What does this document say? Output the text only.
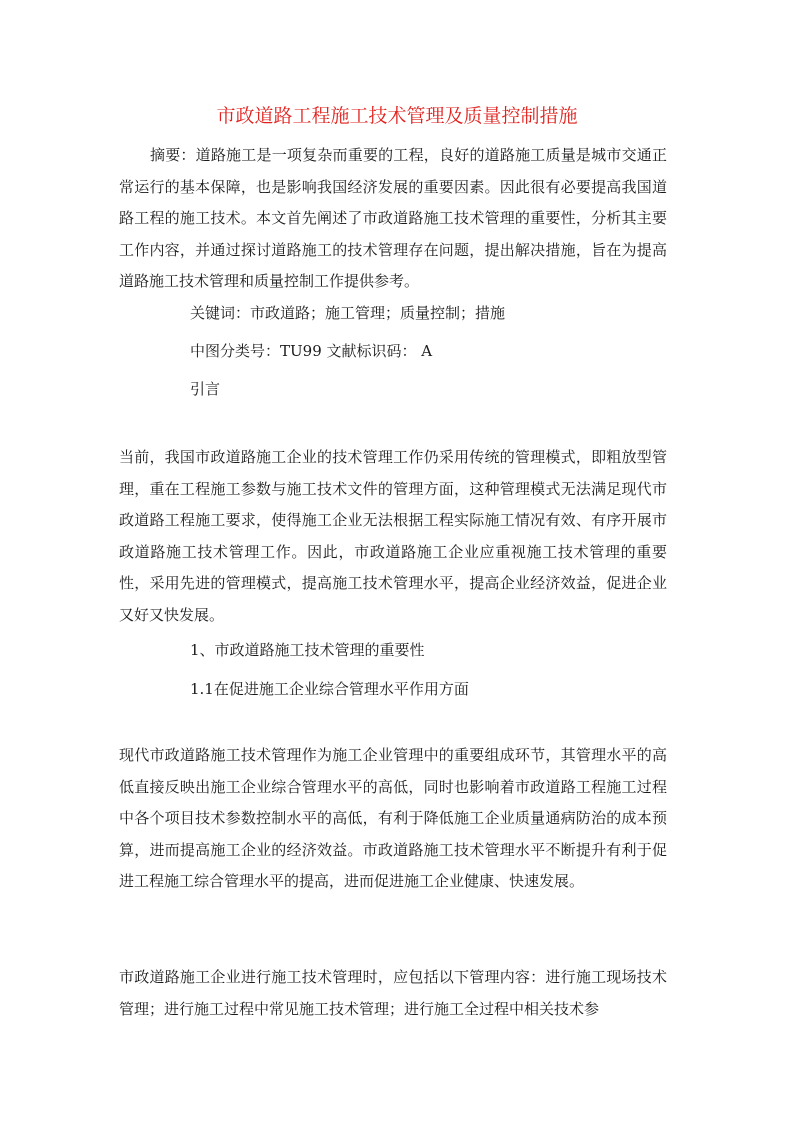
市政道路工程施工技术管理及质量控制措施

摘要：道路施工是一项复杂而重要的工程，良好的道路施工质量是城市交通正常运行的基本保障，也是影响我国经济发展的重要因素。因此很有必要提高我国道路工程的施工技术。本文首先阐述了市政道路施工技术管理的重要性，分析其主要工作内容，并通过探讨道路施工的技术管理存在问题，提出解决措施，旨在为提高道路施工技术管理和质量控制工作提供参考。

关键词：市政道路；施工管理；质量控制；措施
中图分类号：TU99 文献标识码： A
引言

当前，我国市政道路施工企业的技术管理工作仍采用传统的管理模式，即粗放型管理，重在工程施工参数与施工技术文件的管理方面，这种管理模式无法满足现代市政道路工程施工要求，使得施工企业无法根据工程实际施工情况有效、有序开展市政道路施工技术管理工作。因此，市政道路施工企业应重视施工技术管理的重要性，采用先进的管理模式，提高施工技术管理水平，提高企业经济效益，促进企业又好又快发展。

1、市政道路施工技术管理的重要性
1.1在促进施工企业综合管理水平作用方面

现代市政道路施工技术管理作为施工企业管理中的重要组成环节，其管理水平的高低直接反映出施工企业综合管理水平的高低，同时也影响着市政道路工程施工过程中各个项目技术参数控制水平的高低，有利于降低施工企业质量通病防治的成本预算，进而提高施工企业的经济效益。市政道路施工技术管理水平不断提升有利于促进工程施工综合管理水平的提高，进而促进施工企业健康、快速发展。

市政道路施工企业进行施工技术管理时，应包括以下管理内容：进行施工现场技术管理；进行施工过程中常见施工技术管理；进行施工全过程中相关技术参
